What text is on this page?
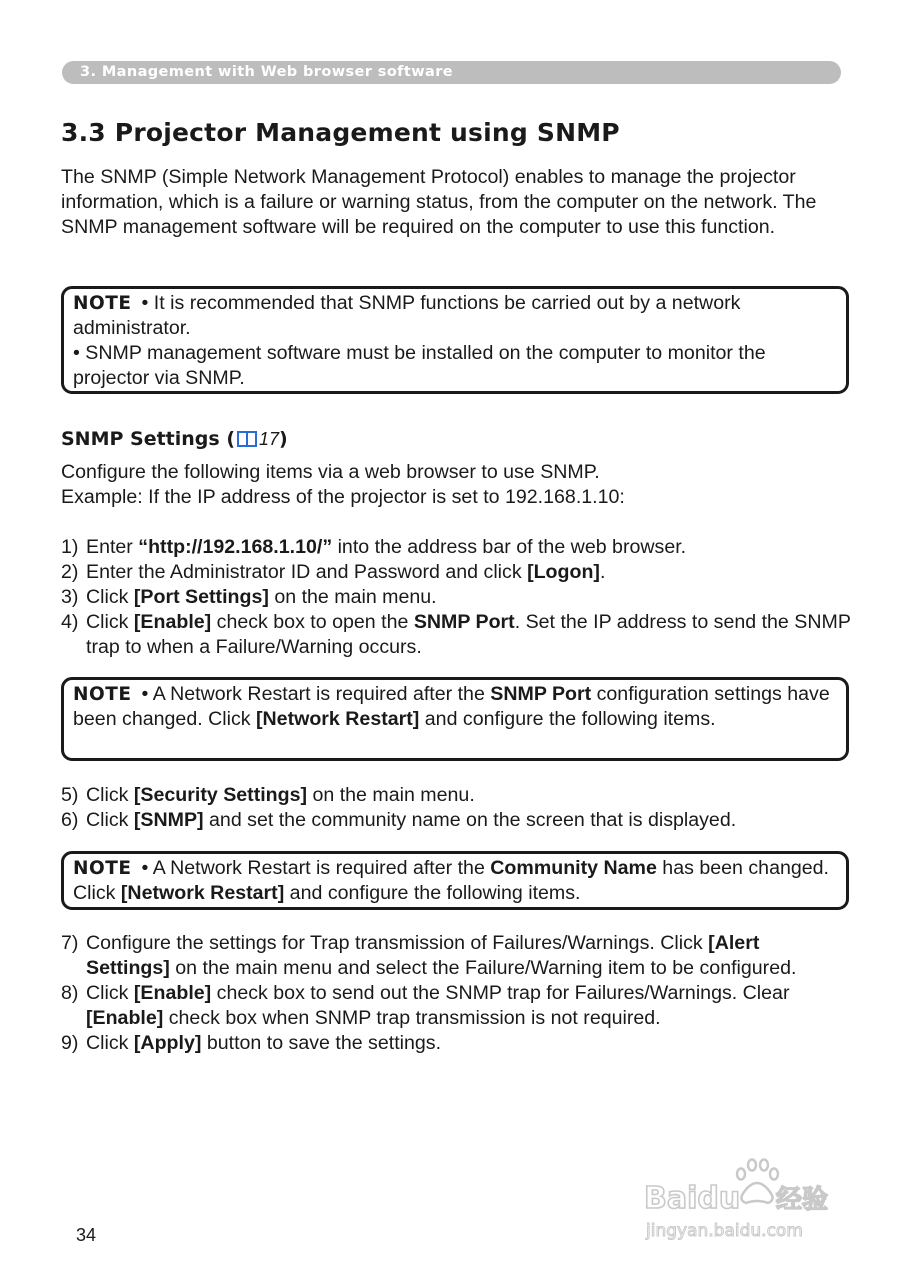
3. Management with Web browser software
3.3 Projector Management using SNMP

The SNMP (Simple Network Management Protocol) enables to manage the projector information, which is a failure or warning status, from the computer on the network. The SNMP management software will be required on the computer to use this function.

NOTE • It is recommended that SNMP functions be carried out by a network administrator.
• SNMP management software must be installed on the computer to monitor the projector via SNMP.
SNMP Settings ( 17)

Configure the following items via a web browser to use SNMP.

Example: If the IP address of the projector is set to 192.168.1.10:

1) Enter “http://192.168.1.10/” into the address bar of the web browser.
2) Enter the Administrator ID and Password and click [Logon].
3) Click [Port Settings] on the main menu.
4) Click [Enable] check box to open the SNMP Port. Set the IP address to send the SNMP trap to when a Failure/Warning occurs.
NOTE • A Network Restart is required after the SNMP Port configuration settings have been changed. Click [Network Restart] and configure the following items.
5) Click [Security Settings] on the main menu.
6) Click [SNMP] and set the community name on the screen that is displayed.
NOTE • A Network Restart is required after the Community Name has been changed. Click [Network Restart] and configure the following items.
7) Configure the settings for Trap transmission of Failures/Warnings. Click [Alert Settings] on the main menu and select the Failure/Warning item to be configured.
8) Click [Enable] check box to send out the SNMP trap for Failures/Warnings. Clear [Enable] check box when SNMP trap transmission is not required.
9) Click [Apply] button to save the settings.
34
Baidu 经验
jingyan.baidu.com
